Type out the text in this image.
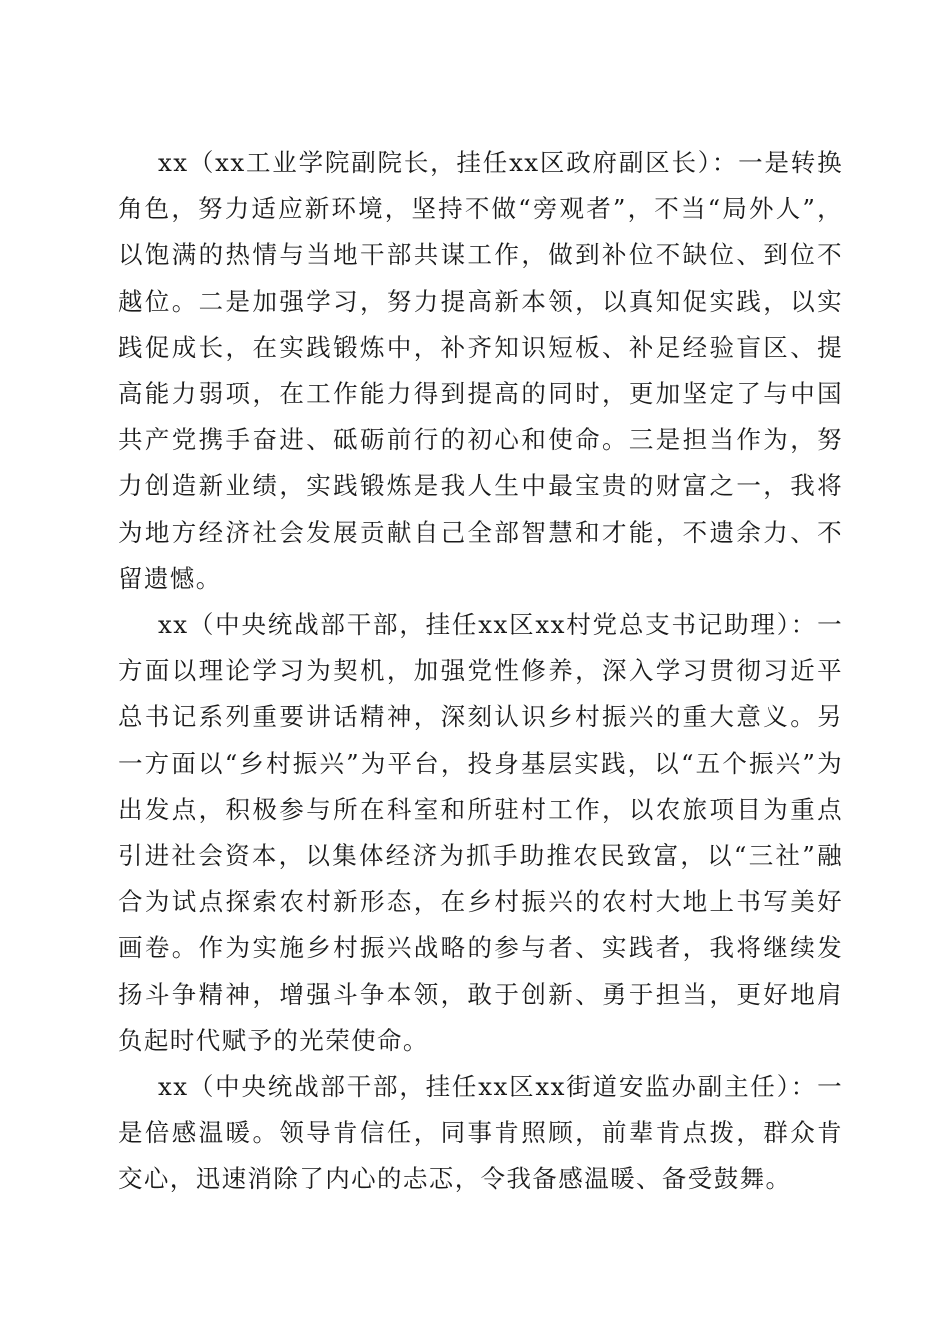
xx（xx工业学院副院长，挂任xx区政府副区长）：一是转换角色，努力适应新环境，坚持不做“旁观者”，不当“局外人”，以饱满的热情与当地干部共谋工作，做到补位不缺位、到位不越位。二是加强学习，努力提高新本领，以真知促实践，以实践促成长，在实践锻炼中，补齐知识短板、补足经验盲区、提高能力弱项，在工作能力得到提高的同时，更加坚定了与中国共产党携手奋进、砥砺前行的初心和使命。三是担当作为，努力创造新业绩，实践锻炼是我人生中最宝贵的财富之一，我将为地方经济社会发展贡献自己全部智慧和才能，不遗余力、不留遗憾。

xx（中央统战部干部，挂任xx区xx村党总支书记助理）：一方面以理论学习为契机，加强党性修养，深入学习贯彻习近平总书记系列重要讲话精神，深刻认识乡村振兴的重大意义。另一方面以“乡村振兴”为平台，投身基层实践，以“五个振兴”为出发点，积极参与所在科室和所驻村工作，以农旅项目为重点引进社会资本，以集体经济为抓手助推农民致富，以“三社”融合为试点探索农村新形态，在乡村振兴的农村大地上书写美好画卷。作为实施乡村振兴战略的参与者、实践者，我将继续发扬斗争精神，增强斗争本领，敢于创新、勇于担当，更好地肩负起时代赋予的光荣使命。

xx（中央统战部干部，挂任xx区xx街道安监办副主任）：一是倍感温暖。领导肯信任，同事肯照顾，前辈肯点拨，群众肯交心，迅速消除了内心的忐忑，令我备感温暖、备受鼓舞。
